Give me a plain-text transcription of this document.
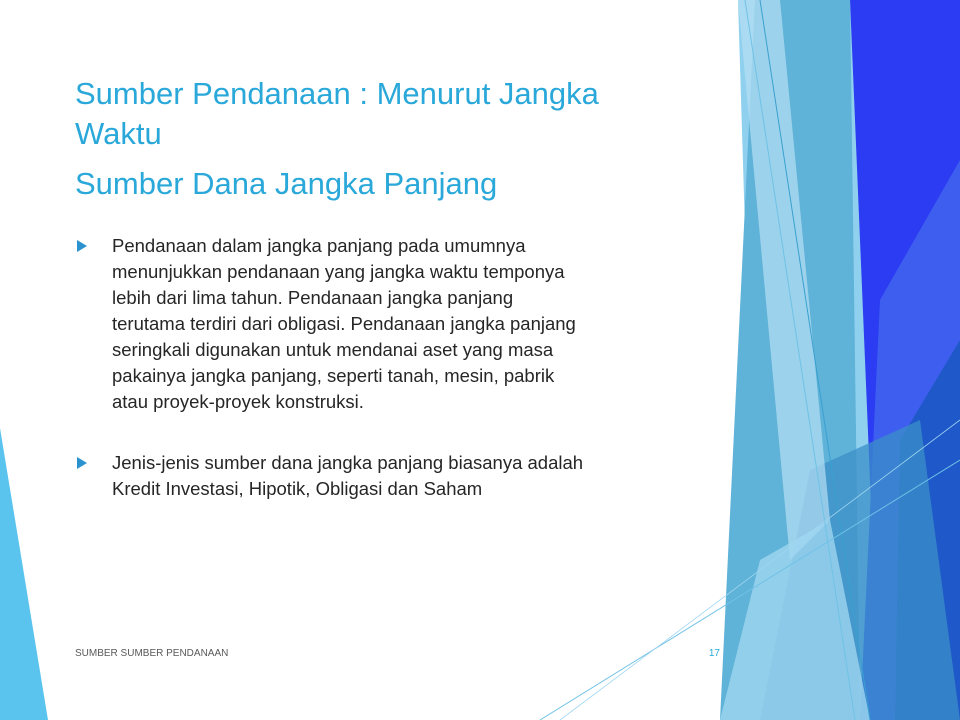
Sumber Pendanaan : Menurut Jangka
Waktu
Sumber Dana Jangka Panjang
Pendanaan dalam jangka panjang pada umumnya
menunjukkan pendanaan yang jangka waktu temponya
lebih dari lima tahun. Pendanaan jangka panjang
terutama terdiri dari obligasi. Pendanaan jangka panjang
seringkali digunakan untuk mendanai aset yang masa
pakainya jangka panjang, seperti tanah, mesin, pabrik
atau proyek-proyek konstruksi.
Jenis-jenis sumber dana jangka panjang biasanya adalah
Kredit Investasi, Hipotik, Obligasi dan Saham
SUMBER SUMBER PENDANAAN	17
